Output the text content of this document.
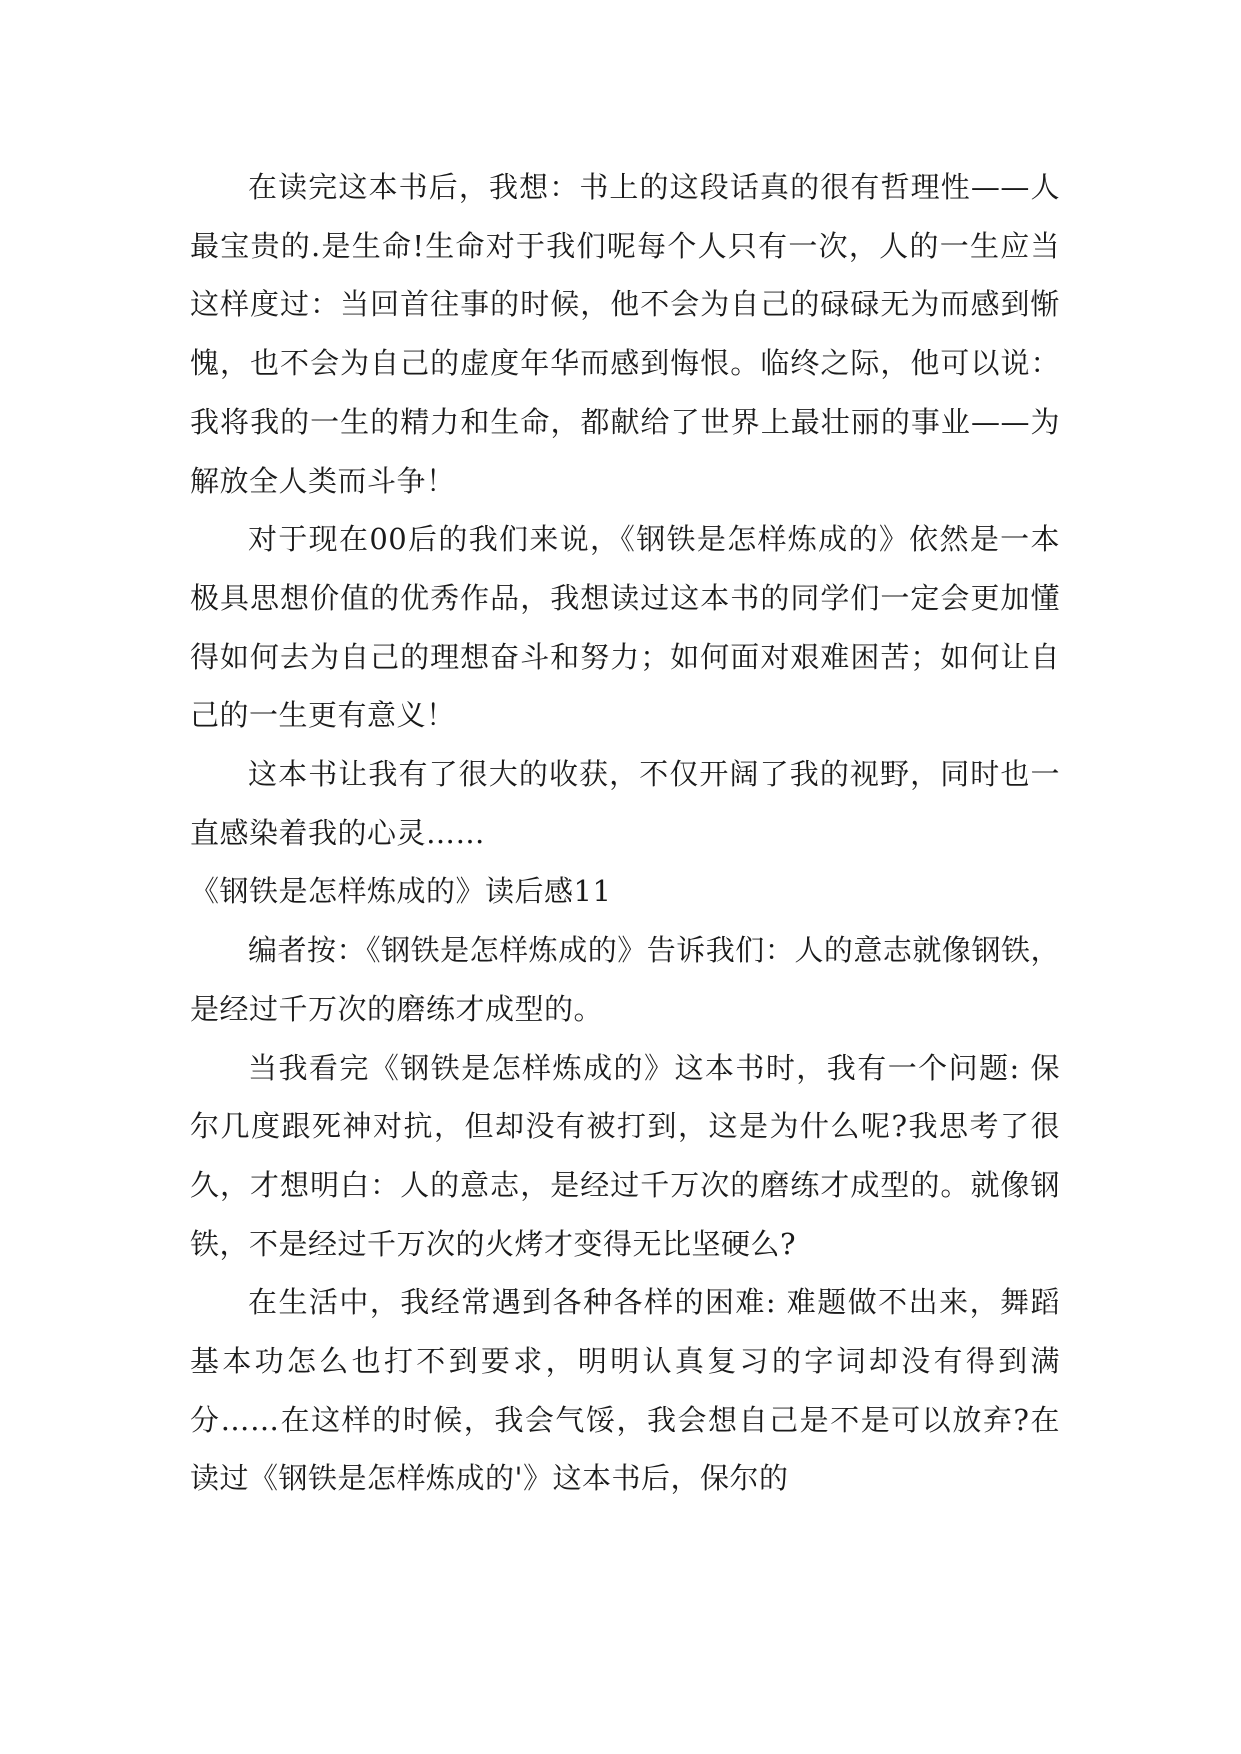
在读完这本书后，我想：书上的这段话真的很有哲理性——人最宝贵的.是生命!生命对于我们呢每个人只有一次，人的一生应当这样度过：当回首往事的时候，他不会为自己的碌碌无为而感到惭愧，也不会为自己的虚度年华而感到悔恨。临终之际，他可以说：我将我的一生的精力和生命，都献给了世界上最壮丽的事业——为解放全人类而斗争！

对于现在00后的我们来说，《钢铁是怎样炼成的》依然是一本极具思想价值的优秀作品，我想读过这本书的同学们一定会更加懂得如何去为自己的理想奋斗和努力；如何面对艰难困苦；如何让自己的一生更有意义！

这本书让我有了很大的收获，不仅开阔了我的视野，同时也一直感染着我的心灵……

《钢铁是怎样炼成的》读后感11

编者按：《钢铁是怎样炼成的》告诉我们：人的意志就像钢铁，是经过千万次的磨练才成型的。

当我看完《钢铁是怎样炼成的》这本书时，我有一个问题: 保尔几度跟死神对抗，但却没有被打到，这是为什么呢?我思考了很久，才想明白：人的意志，是经过千万次的磨练才成型的。就像钢铁，不是经过千万次的火烤才变得无比坚硬么?

在生活中，我经常遇到各种各样的困难: 难题做不出来，舞蹈基本功怎么也打不到要求，明明认真复习的字词却没有得到满分……在这样的时候，我会气馁，我会想自己是不是可以放弃?在读过《钢铁是怎样炼成的'》这本书后，保尔的
